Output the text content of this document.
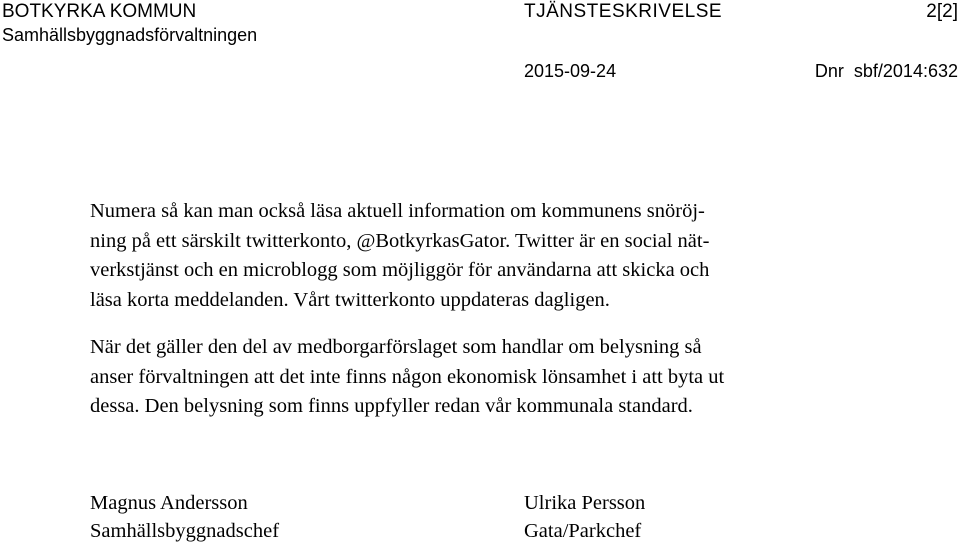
BOTKYRKA KOMMUN
Samhällsbyggnadsförvaltningen
TJÄNSTESKRIVELSE	2[2]
2015-09-24	Dnr  sbf/2014:632
Numera så kan man också läsa aktuell information om kommunens snöröj-
ning på ett särskilt twitterkonto, @BotkyrkasGator. Twitter är en social nät-
verkstjänst och en microblogg som möjliggör för användarna att skicka och
läsa korta meddelanden. Vårt twitterkonto uppdateras dagligen.
När det gäller den del av medborgarförslaget som handlar om belysning så
anser förvaltningen att det inte finns någon ekonomisk lönsamhet i att byta ut
dessa. Den belysning som finns uppfyller redan vår kommunala standard.
Magnus Andersson
Samhällsbyggnadschef
Ulrika Persson
Gata/Parkchef
